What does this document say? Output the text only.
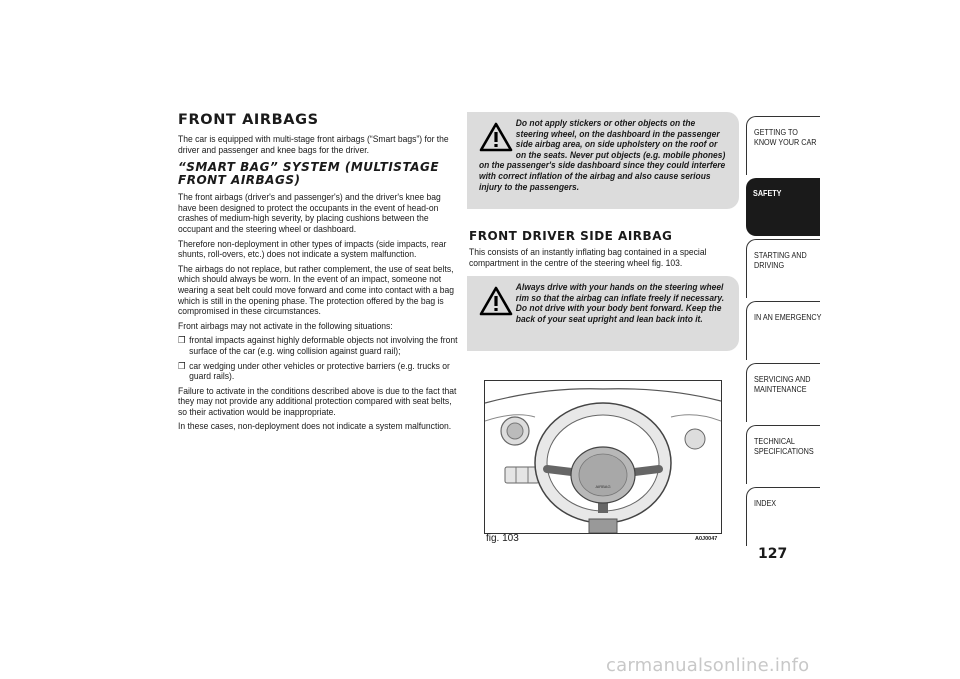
FRONT AIRBAGS

The car is equipped with multi-stage front airbags (“Smart bags”) for the driver and passenger and knee bags for the driver.

“SMART BAG” SYSTEM (MULTISTAGE FRONT AIRBAGS)

The front airbags (driver's and passenger's) and the driver's knee bag have been designed to protect the occupants in the event of head-on crashes of medium-high severity, by placing cushions between the occupant and the steering wheel or dashboard.

Therefore non-deployment in other types of impacts (side impacts, rear shunts, roll-overs, etc.) does not indicate a system malfunction.

The airbags do not replace, but rather complement, the use of seat belts, which should always be worn. In the event of an impact, someone not wearing a seat belt could move forward and come into contact with a bag which is still in the opening phase. The protection offered by the bag is compromised in these circumstances.

Front airbags may not activate in the following situations:

❒ frontal impacts against highly deformable objects not involving the front surface of the car (e.g. wing collision against guard rail);

❒ car wedging under other vehicles or protective barriers (e.g. trucks or guard rails).

Failure to activate in the conditions described above is due to the fact that they may not provide any additional protection compared with seat belts, so their activation would be inappropriate.

In these cases, non-deployment does not indicate a system malfunction.

Do not apply stickers or other objects on the steering wheel, on the dashboard in the passenger side airbag area, on side upholstery on the roof or on the seats. Never put objects (e.g. mobile phones) on the passenger's side dashboard since they could interfere with correct inflation of the airbag and also cause serious injury to the passengers.
FRONT DRIVER SIDE AIRBAG

This consists of an instantly inflating bag contained in a special compartment in the centre of the steering wheel fig. 103.

Always drive with your hands on the steering wheel rim so that the airbag can inflate freely if necessary. Do not drive with your body bent forward. Keep the back of your seat upright and lean back into it.
AIRBAG
fig. 103	A0J0047
GETTING TO KNOW YOUR CAR
SAFETY
STARTING AND DRIVING
IN AN EMERGENCY
SERVICING AND MAINTENANCE
TECHNICAL SPECIFICATIONS
INDEX
127
carmanualsonline.info
